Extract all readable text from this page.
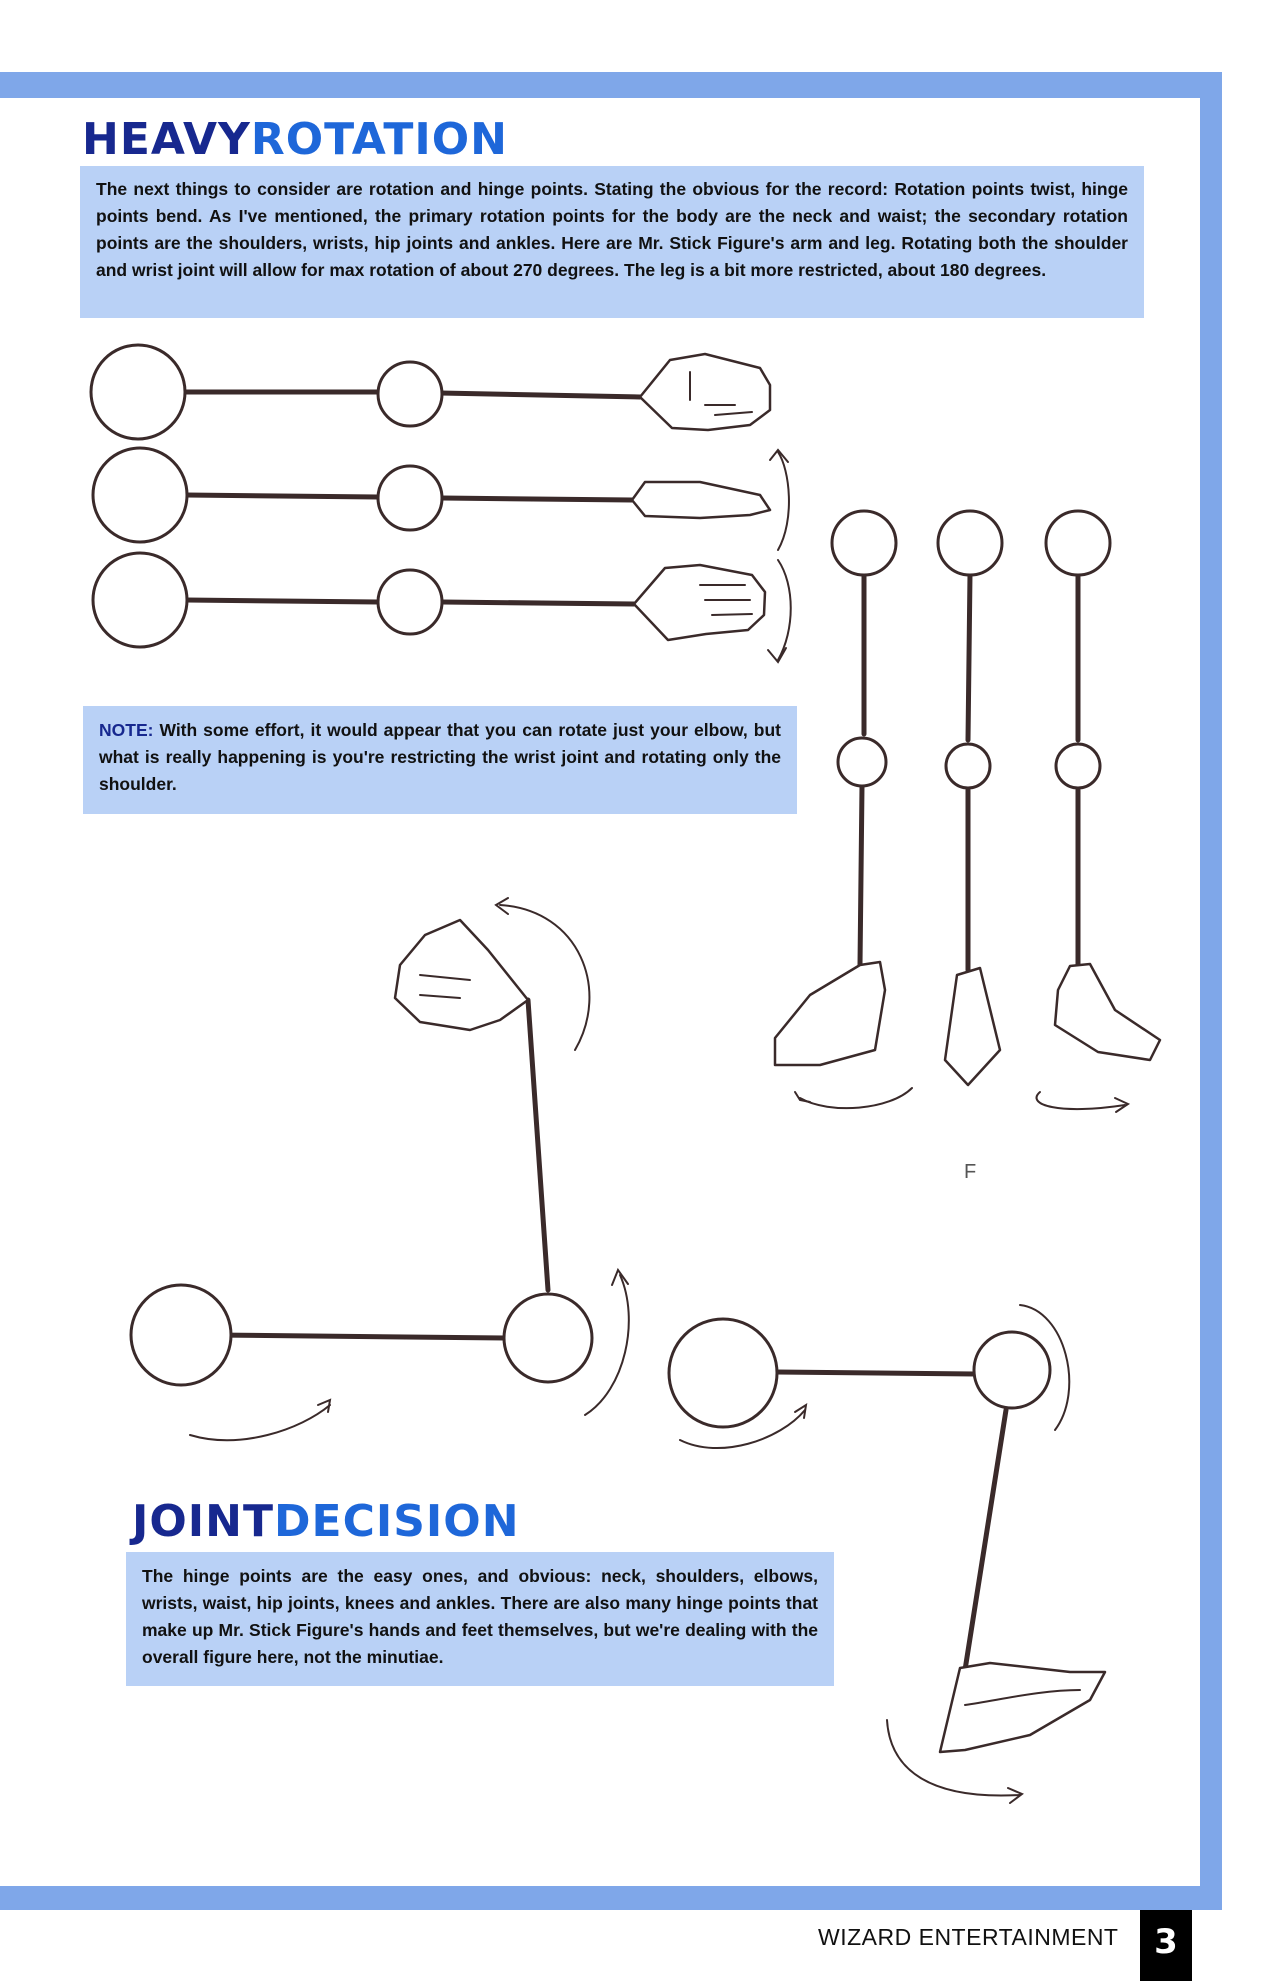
HEAVYROTATION
The next things to consider are rotation and hinge points. Stating the obvious for the record: Rotation points twist, hinge points bend. As I've mentioned, the primary rotation points for the body are the neck and waist; the secondary rotation points are the shoulders, wrists, hip joints and ankles. Here are Mr. Stick Figure's arm and leg. Rotating both the shoulder and wrist joint will allow for max rotation of about 270 degrees. The leg is a bit more restricted, about 180 degrees.
NOTE: With some effort, it would appear that you can rotate just your elbow, but what is really happening is you're restricting the wrist joint and rotating only the shoulder.
JOINTDECISION
The hinge points are the easy ones, and obvious: neck, shoulders, elbows, wrists, waist, hip joints, knees and ankles. There are also many hinge points that make up Mr. Stick Figure's hands and feet themselves, but we're dealing with the overall figure here, not the minutiae.
F
WIZARD ENTERTAINMENT	3
